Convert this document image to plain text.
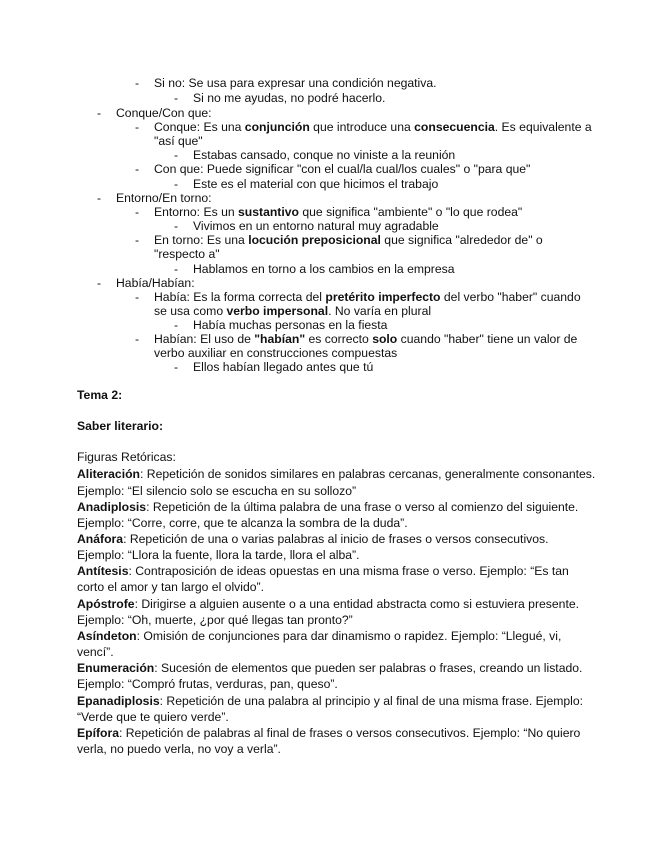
- Si no: Se usa para expresar una condición negativa.
- Si no me ayudas, no podré hacerlo.
- Conque/Con que:
- Conque: Es una conjunción que introduce una consecuencia. Es equivalente a
"así que"
- Estabas cansado, conque no viniste a la reunión
- Con que: Puede significar "con el cual/la cual/los cuales" o "para que"
- Este es el material con que hicimos el trabajo
- Entorno/En torno:
- Entorno: Es un sustantivo que significa "ambiente" o "lo que rodea"
- Vivimos en un entorno natural muy agradable
- En torno: Es una locución preposicional que significa "alrededor de" o
"respecto a"
- Hablamos en torno a los cambios en la empresa
- Había/Habían:
- Había: Es la forma correcta del pretérito imperfecto del verbo "haber" cuando
se usa como verbo impersonal. No varía en plural
- Había muchas personas en la fiesta
- Habían: El uso de "habían" es correcto solo cuando "haber" tiene un valor de
verbo auxiliar en construcciones compuestas
- Ellos habían llegado antes que tú
Tema 2:
Saber literario:
Figuras Retóricas:
Aliteración: Repetición de sonidos similares en palabras cercanas, generalmente consonantes.
Ejemplo: “El silencio solo se escucha en su sollozo”
Anadiplosis: Repetición de la última palabra de una frase o verso al comienzo del siguiente.
Ejemplo: “Corre, corre, que te alcanza la sombra de la duda”.
Anáfora: Repetición de una o varias palabras al inicio de frases o versos consecutivos.
Ejemplo: “Llora la fuente, llora la tarde, llora el alba”.
Antítesis: Contraposición de ideas opuestas en una misma frase o verso. Ejemplo: “Es tan
corto el amor y tan largo el olvido”.
Apóstrofe: Dirigirse a alguien ausente o a una entidad abstracta como si estuviera presente.
Ejemplo: “Oh, muerte, ¿por qué llegas tan pronto?”
Asíndeton: Omisión de conjunciones para dar dinamismo o rapidez. Ejemplo: “Llegué, vi,
vencí”.
Enumeración: Sucesión de elementos que pueden ser palabras o frases, creando un listado.
Ejemplo: “Compró frutas, verduras, pan, queso”.
Epanadiplosis: Repetición de una palabra al principio y al final de una misma frase. Ejemplo:
“Verde que te quiero verde”.
Epífora: Repetición de palabras al final de frases o versos consecutivos. Ejemplo: “No quiero
verla, no puedo verla, no voy a verla”.
